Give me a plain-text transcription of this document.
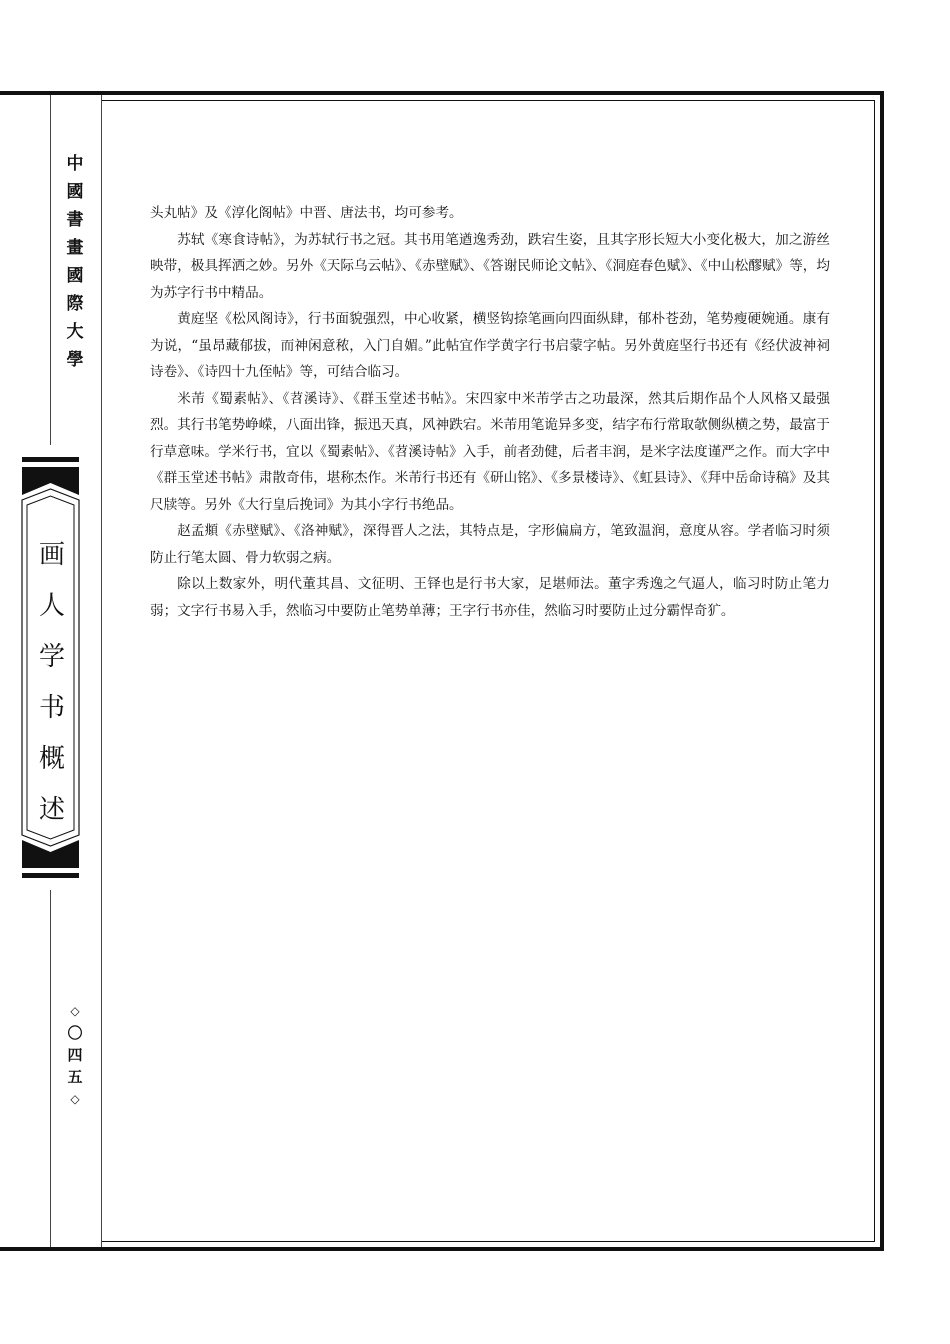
中
國
書
畫
國
際
大
學
画
人
学
书
概
述
◇
〇
四
五
◇

头丸帖》及《淳化阁帖》中晋、唐法书，均可参考。

苏轼《寒食诗帖》，为苏轼行书之冠。其书用笔遒逸秀劲，跌宕生姿，且其字形长短大小变化极大，加之游丝映带，极具挥洒之妙。另外《天际乌云帖》、《赤壁赋》、《答谢民师论文帖》、《洞庭春色赋》、《中山松醪赋》等，均为苏字行书中精品。

黄庭坚《松风阁诗》，行书面貌强烈，中心收紧，横竖钩捺笔画向四面纵肆，郁朴苍劲，笔势瘦硬婉通。康有为说，“虽昂藏郁拔，而神闲意秾，入门自媚。”此帖宜作学黄字行书启蒙字帖。另外黄庭坚行书还有《经伏波神祠诗卷》、《诗四十九侄帖》等，可结合临习。

米芾《蜀素帖》、《苕溪诗》、《群玉堂述书帖》。宋四家中米芾学古之功最深，然其后期作品个人风格又最强烈。其行书笔势峥嵘，八面出锋，振迅天真，风神跌宕。米芾用笔诡异多变，结字布行常取欹侧纵横之势，最富于行草意味。学米行书，宜以《蜀素帖》、《苕溪诗帖》入手，前者劲健，后者丰润，是米字法度谨严之作。而大字中《群玉堂述书帖》肃散奇伟，堪称杰作。米芾行书还有《研山铭》、《多景楼诗》、《虹县诗》、《拜中岳命诗稿》及其尺牍等。另外《大行皇后挽词》为其小字行书绝品。

赵孟頫《赤壁赋》、《洛神赋》，深得晋人之法，其特点是，字形偏扁方，笔致温润，意度从容。学者临习时须防止行笔太圆、骨力软弱之病。

除以上数家外，明代董其昌、文征明、王铎也是行书大家，足堪师法。董字秀逸之气逼人，临习时防止笔力弱；文字行书易入手，然临习中要防止笔势单薄；王字行书亦佳，然临习时要防止过分霸悍奇犷。
